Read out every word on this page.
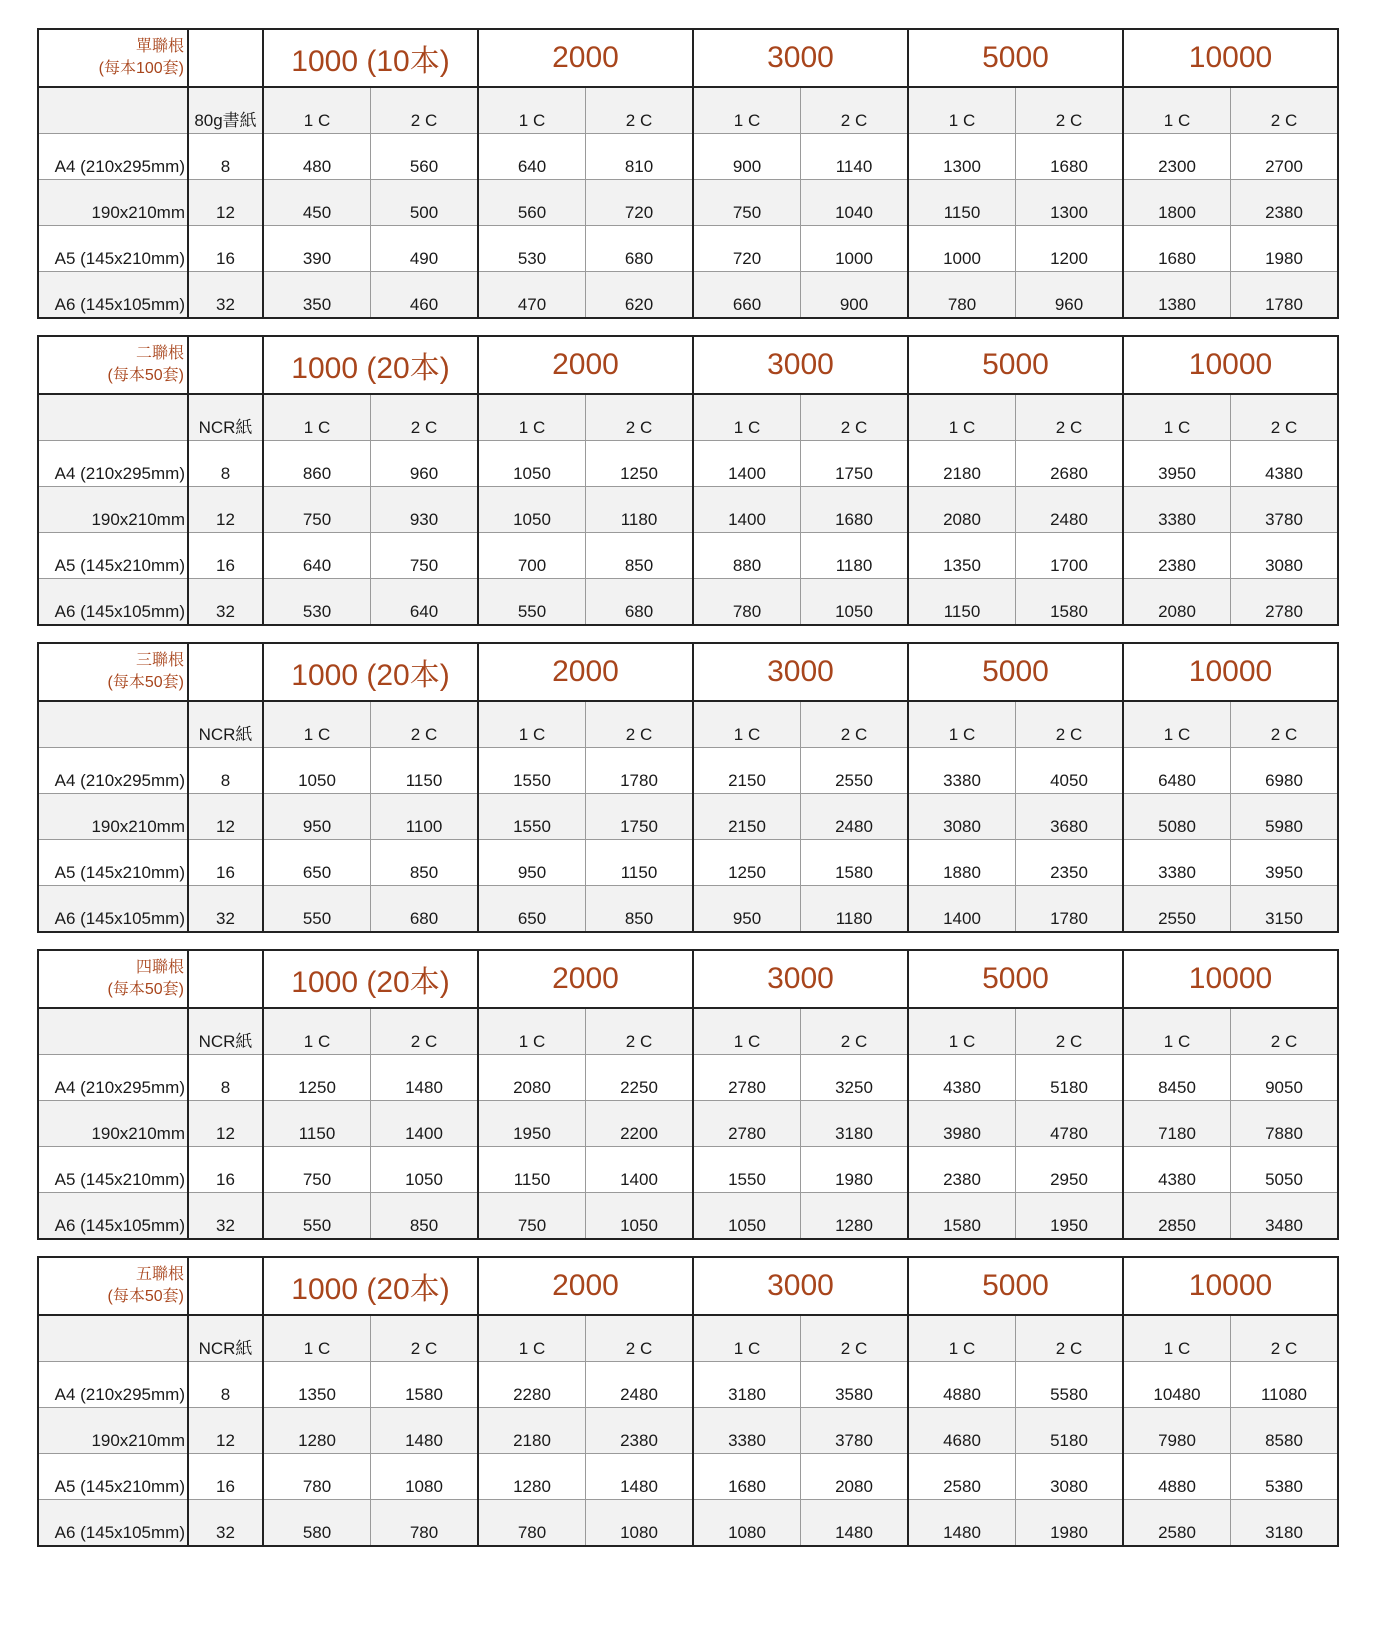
單聯根
(每本100套)		1000 (10本)		2000		3000		5000		10000	
	80g書紙	1 C	2 C	1 C	2 C	1 C	2 C	1 C	2 C	1 C	2 C
A4 (210x295mm)	8	480	560	640	810	900	1140	1300	1680	2300	2700
190x210mm	12	450	500	560	720	750	1040	1150	1300	1800	2380
A5 (145x210mm)	16	390	490	530	680	720	1000	1000	1200	1680	1980
A6 (145x105mm)	32	350	460	470	620	660	900	780	960	1380	1780
二聯根
(每本50套)		1000 (20本)		2000		3000		5000		10000	
	NCR紙	1 C	2 C	1 C	2 C	1 C	2 C	1 C	2 C	1 C	2 C
A4 (210x295mm)	8	860	960	1050	1250	1400	1750	2180	2680	3950	4380
190x210mm	12	750	930	1050	1180	1400	1680	2080	2480	3380	3780
A5 (145x210mm)	16	640	750	700	850	880	1180	1350	1700	2380	3080
A6 (145x105mm)	32	530	640	550	680	780	1050	1150	1580	2080	2780
三聯根
(每本50套)		1000 (20本)		2000		3000		5000		10000	
	NCR紙	1 C	2 C	1 C	2 C	1 C	2 C	1 C	2 C	1 C	2 C
A4 (210x295mm)	8	1050	1150	1550	1780	2150	2550	3380	4050	6480	6980
190x210mm	12	950	1100	1550	1750	2150	2480	3080	3680	5080	5980
A5 (145x210mm)	16	650	850	950	1150	1250	1580	1880	2350	3380	3950
A6 (145x105mm)	32	550	680	650	850	950	1180	1400	1780	2550	3150
四聯根
(每本50套)		1000 (20本)		2000		3000		5000		10000	
	NCR紙	1 C	2 C	1 C	2 C	1 C	2 C	1 C	2 C	1 C	2 C
A4 (210x295mm)	8	1250	1480	2080	2250	2780	3250	4380	5180	8450	9050
190x210mm	12	1150	1400	1950	2200	2780	3180	3980	4780	7180	7880
A5 (145x210mm)	16	750	1050	1150	1400	1550	1980	2380	2950	4380	5050
A6 (145x105mm)	32	550	850	750	1050	1050	1280	1580	1950	2850	3480
五聯根
(每本50套)		1000 (20本)		2000		3000		5000		10000	
	NCR紙	1 C	2 C	1 C	2 C	1 C	2 C	1 C	2 C	1 C	2 C
A4 (210x295mm)	8	1350	1580	2280	2480	3180	3580	4880	5580	10480	11080
190x210mm	12	1280	1480	2180	2380	3380	3780	4680	5180	7980	8580
A5 (145x210mm)	16	780	1080	1280	1480	1680	2080	2580	3080	4880	5380
A6 (145x105mm)	32	580	780	780	1080	1080	1480	1480	1980	2580	3180
